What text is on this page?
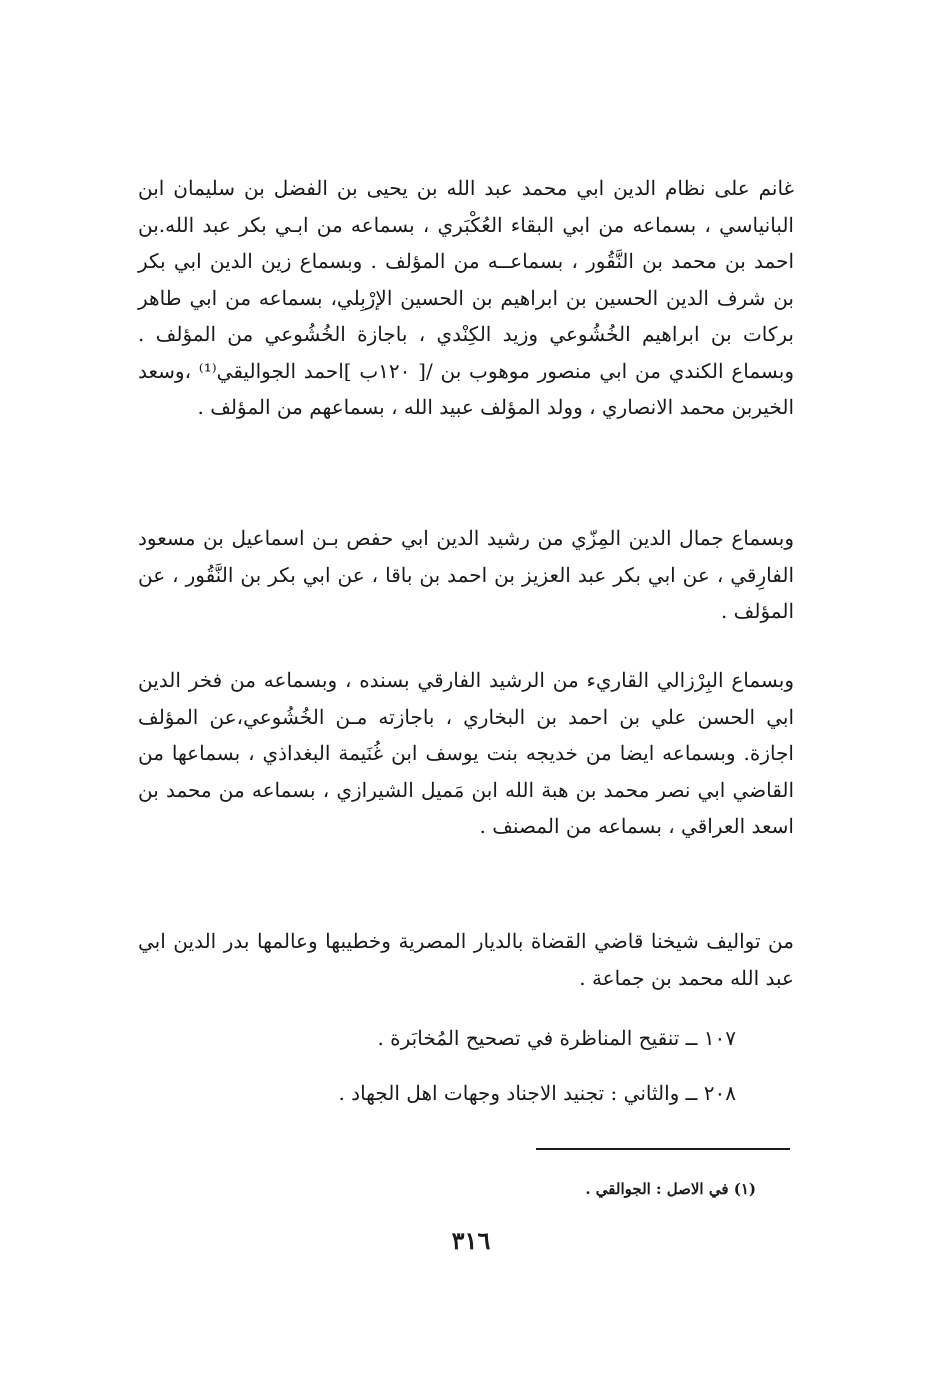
غانم على نظام الدين ابي محمد عبد الله بن يحيى بن الفضل بن سليمان ابن البانياسي ، بسماعه من ابي البقاء العُكْبَري ، بسماعه من ابـي بكر عبد الله.بن احمد بن محمد بن النَّقُور ، بسماعــه من المؤلف . وبسماع زين الدين ابي بكر بن شرف الدين الحسين بن ابراهيم بن الحسين الإرْبِلي، بسماعه من ابي طاهر بركات بن ابراهيم الخُشُوعي وزيد الكِنْدي ، باجازة الخُشُوعي من المؤلف . وبسماع الكندي من ابي منصور موهوب بن /[ ١٢٠ب ]احمد الجواليقي⁽¹⁾ ،وسعد الخيربن محمد الانصاري ، وولد المؤلف عبيد الله ، بسماعهم من المؤلف .

وبسماع جمال الدين المِزّي من رشيد الدين ابي حفص بـن اسماعيل بن مسعود الفارِقي ، عن ابي بكر عبد العزيز بن احمد بن باقا ، عن ابي بكر بن النَّقُور ، عن المؤلف .

وبسماع البِرْزالي القاريء من الرشيد الفارقي بسنده ، وبسماعه من فخر الدين ابي الحسن علي بن احمد بن البخاري ، باجازته مـن الخُشُوعي،عن المؤلف اجازة. وبسماعه ايضا من خديجه بنت يوسف ابن غُنَيمة البغداذي ، بسماعها من القاضي ابي نصر محمد بن هبة الله ابن مَميل الشيرازي ، بسماعه من محمد بن اسعد العراقي ، بسماعه من المصنف .

من تواليف شيخنا قاضي القضاة بالديار المصرية وخطيبها وعالمها بدر الدين ابي عبد الله محمد بن جماعة .

١٠٧ ــ تنقيح المناظرة في تصحيح المُخابَرة .
٢٠٨ ــ والثاني : تجنيد الاجناد وجهات اهل الجهاد .
(١) في الاصل : الجوالقي .
٣١٦
